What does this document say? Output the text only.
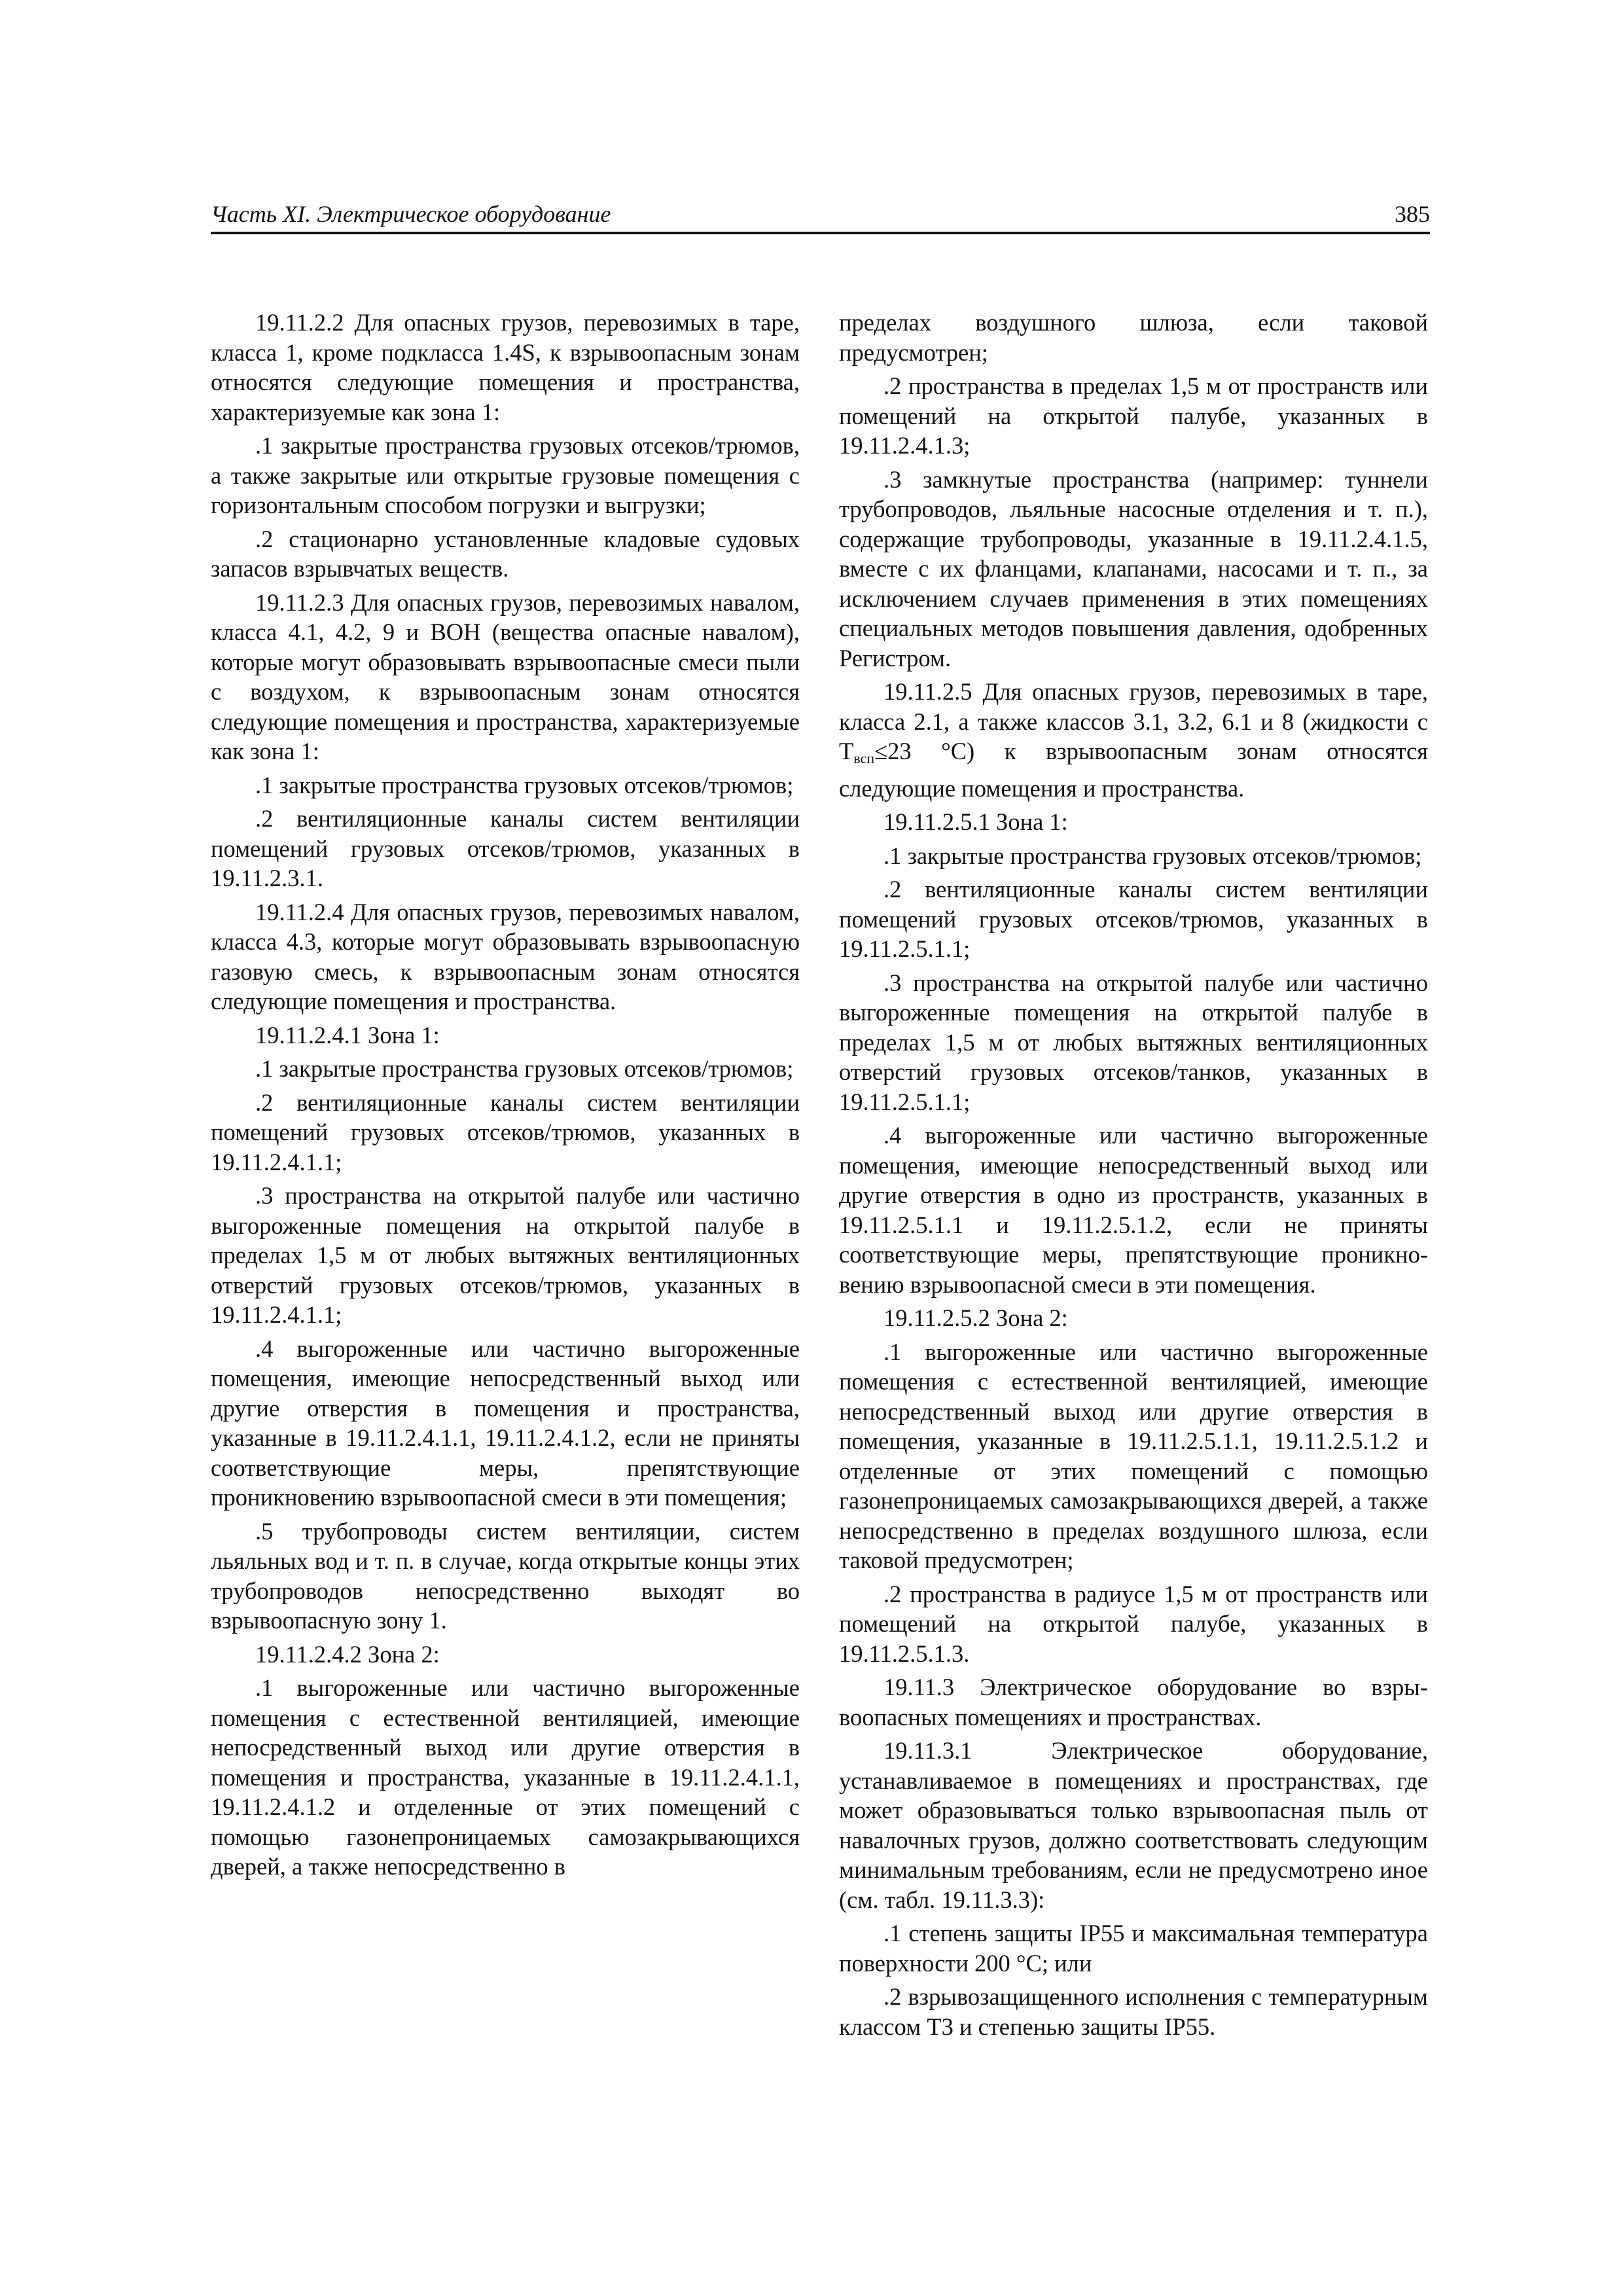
Часть XI. Электрическое оборудование	385

19.11.2.2 Для опасных грузов, перевозимых в таре, класса 1, кроме подкласса 1.4S, к взрывоопасным зонам относятся следующие помещения и пространства, характеризуемые как зона 1:

.1 закрытые пространства грузовых отсеков/трюмов, а также закрытые или открытые грузовые помещения с горизонтальным способом погрузки и выгрузки;

.2 стационарно установленные кладовые судовых запасов взрывчатых веществ.

19.11.2.3 Для опасных грузов, перевозимых навалом, класса 4.1, 4.2, 9 и ВОН (вещества опасные навалом), которые могут образовывать взрывоопасные смеси пыли с воздухом, к взрывоопасным зонам относятся следующие помещения и пространства, характеризуемые как зона 1:

.1 закрытые пространства грузовых отсеков/трюмов;

.2 вентиляционные каналы систем вентиляции помещений грузовых отсеков/трюмов, указанных в 19.11.2.3.1.

19.11.2.4 Для опасных грузов, перевозимых навалом, класса 4.3, которые могут образовывать взрывоопасную газовую смесь, к взрывоопасным зонам относятся следующие помещения и пространства.

19.11.2.4.1 Зона 1:

.1 закрытые пространства грузовых отсеков/трюмов;

.2 вентиляционные каналы систем вентиляции помещений грузовых отсеков/трюмов, указанных в 19.11.2.4.1.1;

.3 пространства на открытой палубе или частично выгороженные помещения на открытой палубе в пределах 1,5 м от любых вытяжных вентиляционных отверстий грузовых отсеков/трюмов, указанных в 19.11.2.4.1.1;

.4 выгороженные или частично выгороженные помещения, имеющие непосредственный выход или другие отверстия в помещения и пространства, указанные в 19.11.2.4.1.1, 19.11.2.4.1.2, если не приняты соответствующие меры, препятствующие проникновению взрывоопасной смеси в эти помещения;

.5 трубопроводы систем вентиляции, систем льяльных вод и т. п. в случае, когда открытые концы этих трубопроводов непосредственно выходят во взрывоопасную зону 1.

19.11.2.4.2 Зона 2:

.1 выгороженные или частично выгороженные помещения с естественной вентиляцией, имеющие непосредственный выход или другие отверстия в помещения и пространства, указанные в 19.11.2.4.1.1, 19.11.2.4.1.2 и отделенные от этих помещений с помощью газонепроницаемых самозакрывающихся дверей, а также непосредственно в

пределах воздушного шлюза, если таковой предусмотрен;

.2 пространства в пределах 1,5 м от пространств или помещений на открытой палубе, указанных в 19.11.2.4.1.3;

.3 замкнутые пространства (например: туннели трубопроводов, льяльные насосные отделения и т. п.), содержащие трубопроводы, указанные в 19.11.2.4.1.5, вместе с их фланцами, клапанами, насосами и т. п., за исключением случаев применения в этих помещениях специальных методов повышения давления, одобренных Регистром.

19.11.2.5 Для опасных грузов, перевозимых в таре, класса 2.1, а также классов 3.1, 3.2, 6.1 и 8 (жидкости с $T_{всп}\le 23$ °С) к взрывоопасным зонам относятся следующие помещения и пространства.

19.11.2.5.1 Зона 1:

.1 закрытые пространства грузовых отсеков/трюмов;

.2 вентиляционные каналы систем вентиляции помещений грузовых отсеков/трюмов, указанных в 19.11.2.5.1.1;

.3 пространства на открытой палубе или частично выгороженные помещения на открытой палубе в пределах 1,5 м от любых вытяжных вентиляционных отверстий грузовых отсеков/танков, указанных в 19.11.2.5.1.1;

.4 выгороженные или частично выгороженные помещения, имеющие непосредственный выход или другие отверстия в одно из пространств, указанных в 19.11.2.5.1.1 и 19.11.2.5.1.2, если не приняты соответствующие меры, препятствующие проникновению взрывоопасной смеси в эти помещения.

19.11.2.5.2 Зона 2:

.1 выгороженные или частично выгороженные помещения с естественной вентиляцией, имеющие непосредственный выход или другие отверстия в помещения, указанные в 19.11.2.5.1.1, 19.11.2.5.1.2 и отделенные от этих помещений с помощью газонепроницаемых самозакрывающихся дверей, а также непосредственно в пределах воздушного шлюза, если таковой предусмотрен;

.2 пространства в радиусе 1,5 м от пространств или помещений на открытой палубе, указанных в 19.11.2.5.1.3.

19.11.3 Электрическое оборудование во взрывоопасных помещениях и пространствах.

19.11.3.1 Электрическое оборудование, устанавливаемое в помещениях и пространствах, где может образовываться только взрывоопасная пыль от навалочных грузов, должно соответствовать следующим минимальным требованиям, если не предусмотрено иное (см. табл. 19.11.3.3):

.1 степень защиты IP55 и максимальная температура поверхности 200 °С; или

.2 взрывозащищенного исполнения с температурным классом Т3 и степенью защиты IP55.
